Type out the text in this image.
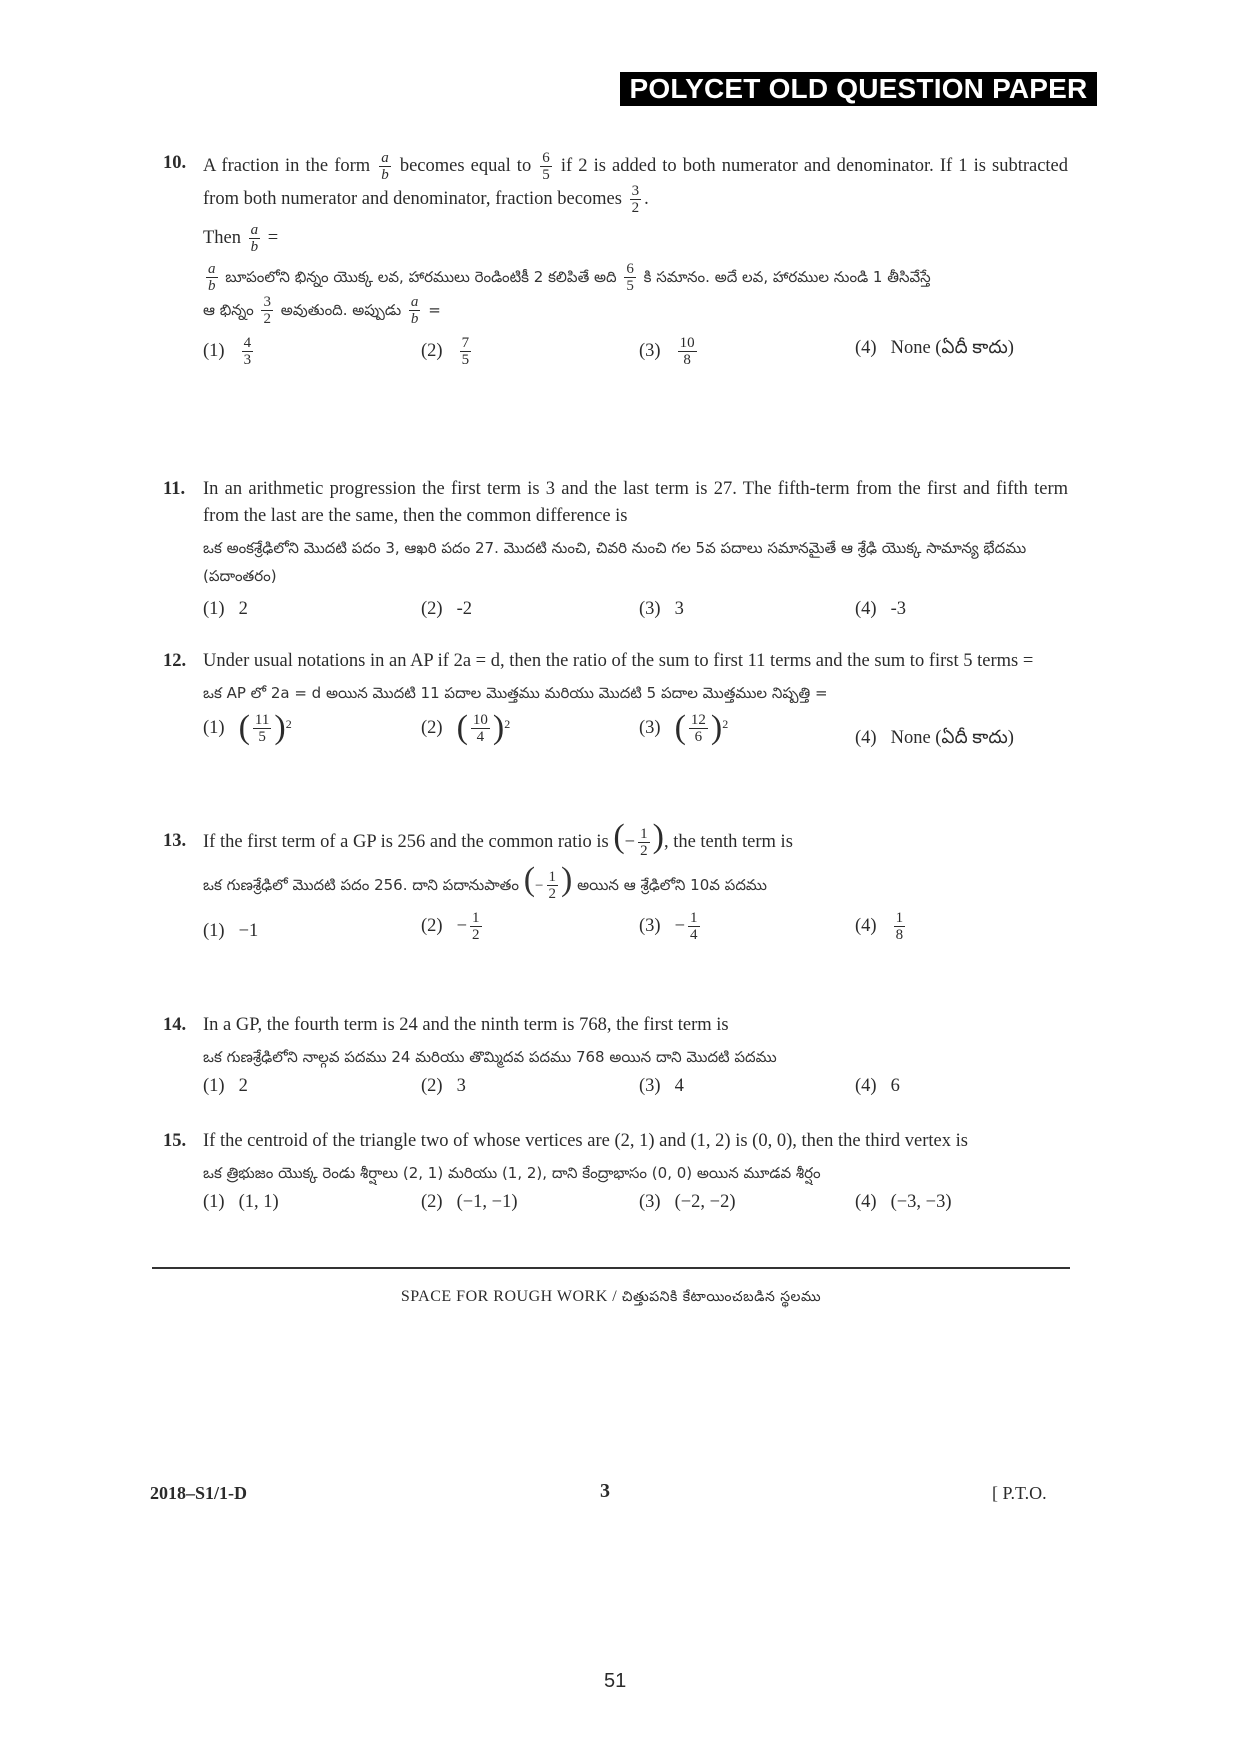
POLYCET OLD QUESTION PAPER
10. A fraction in the form $\frac{a}{b}$ becomes equal to $\frac{6}{5}$ if 2 is added to both numerator and denominator. If 1 is subtracted from both numerator and denominator, fraction becomes $\frac{3}{2}$ .
Then $\frac{a}{b}$ =
$\frac{a}{b}$ బూపంలోని భిన్నం యొక్క లవ, హారములు రెండింటికీ 2 కలిపితే అది $\frac{6}{5}$ కి సమానం. అదే లవ, హారముల నుండి 1 తీసివేస్తే
ఆ భిన్నం $\frac{3}{2}$ అవుతుంది. అప్పుడు $\frac{a}{b}$ =
$(1) \frac{4}{3}$	$(2) \frac{7}{5}$	$(3) \frac{10}{8}$	(4) None (ఏదీ కాదు)
11. In an arithmetic progression the first term is 3 and the last term is 27. The fifth-term from the first and fifth term from the last are the same, then the common difference is
ఒక అంకశ్రేఢిలోని మొదటి పదం 3, ఆఖరి పదం 27. మొదటి నుంచి, చివరి నుంచి గల 5వ పదాలు సమానమైతే ఆ శ్రేఢి యొక్క సామాన్య భేదము (పదాంతరం)
(1) 2	(2) -2	(3) 3	(4) -3
12. Under usual notations in an AP if 2a = d, then the ratio of the sum to first 11 terms and the sum to first 5 terms =
ఒక AP లో 2a = d అయిన మొదటి 11 పదాల మొత్తము మరియు మొదటి 5 పదాల మొత్తముల నిష్పత్తి =
(1) ( $\frac{11}{5}$ ) 2	(2) ( $\frac{10}{4}$ ) 2	(3) ( $\frac{12}{6}$ ) 2
(4) None (ఏదీ కాదు)
13. If the first term of a GP is 256 and the common ratio is (− $\frac{1}{2}$ ), the tenth term is
ఒక గుణశ్రేఢిలో మొదటి పదం 256. దాని పదానుపాతం (− $\frac{1}{2}$ ) అయిన ఆ శ్రేఢిలోని 10వ పదము
(1) −1	$(2) - \frac{1}{2}$	$(3) - \frac{1}{4}$	$(4) \frac{1}{8}$
14. In a GP, the fourth term is 24 and the ninth term is 768, the first term is
ఒక గుణశ్రేఢిలోని నాల్గవ పదము 24 మరియు తొమ్మిదవ పదము 768 అయిన దాని మొదటి పదము
(1) 2	(2) 3	(3) 4	(4) 6
15. If the centroid of the triangle two of whose vertices are (2, 1) and (1, 2) is (0, 0), then the third vertex is
ఒక త్రిభుజం యొక్క రెండు శీర్షాలు (2, 1) మరియు (1, 2), దాని కేంద్రాభాసం (0, 0) అయిన మూడవ శీర్షం
(1) (1, 1)	(2) (−1, −1)	(3) (−2, −2)	(4) (−3, −3)
SPACE FOR ROUGH WORK / చిత్తుపనికి కేటాయించబడిన స్థలము
2018–S1/1-D	3	[ P.T.O.
51
